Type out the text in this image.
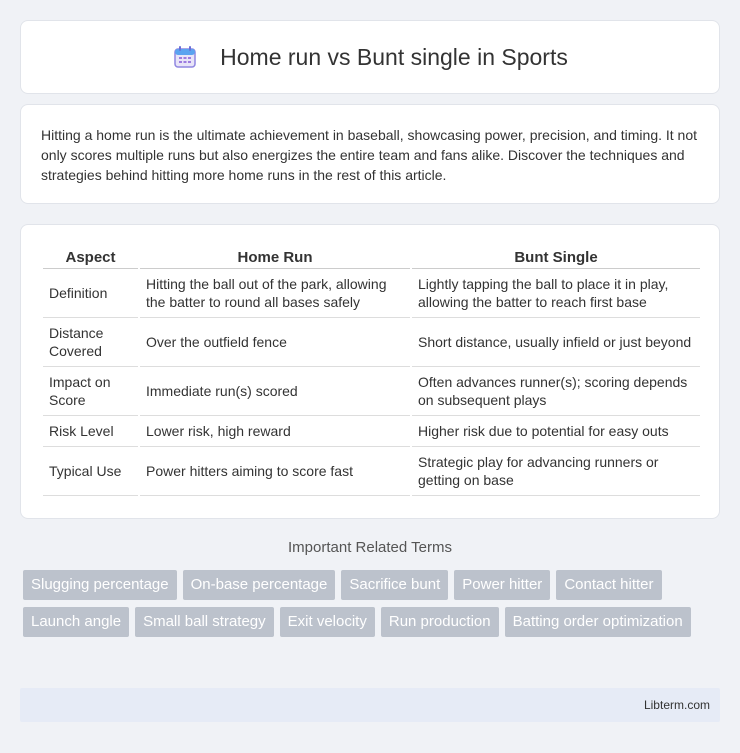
Home run vs Bunt single in Sports

Hitting a home run is the ultimate achievement in baseball, showcasing power, precision, and timing. It not only scores multiple runs but also energizes the entire team and fans alike. Discover the techniques and strategies behind hitting more home runs in the rest of this article.

Aspect	Home Run	Bunt Single
Definition	Hitting the ball out of the park, allowing the batter to round all bases safely	Lightly tapping the ball to place it in play, allowing the batter to reach first base
Distance Covered	Over the outfield fence	Short distance, usually infield or just beyond
Impact on Score	Immediate run(s) scored	Often advances runner(s); scoring depends on subsequent plays
Risk Level	Lower risk, high reward	Higher risk due to potential for easy outs
Typical Use	Power hitters aiming to score fast	Strategic play for advancing runners or getting on base
Important Related Terms
Slugging percentage	On-base percentage	Sacrifice bunt	Power hitter	Contact hitter
Launch angle	Small ball strategy	Exit velocity	Run production	Batting order optimization
Libterm.com
